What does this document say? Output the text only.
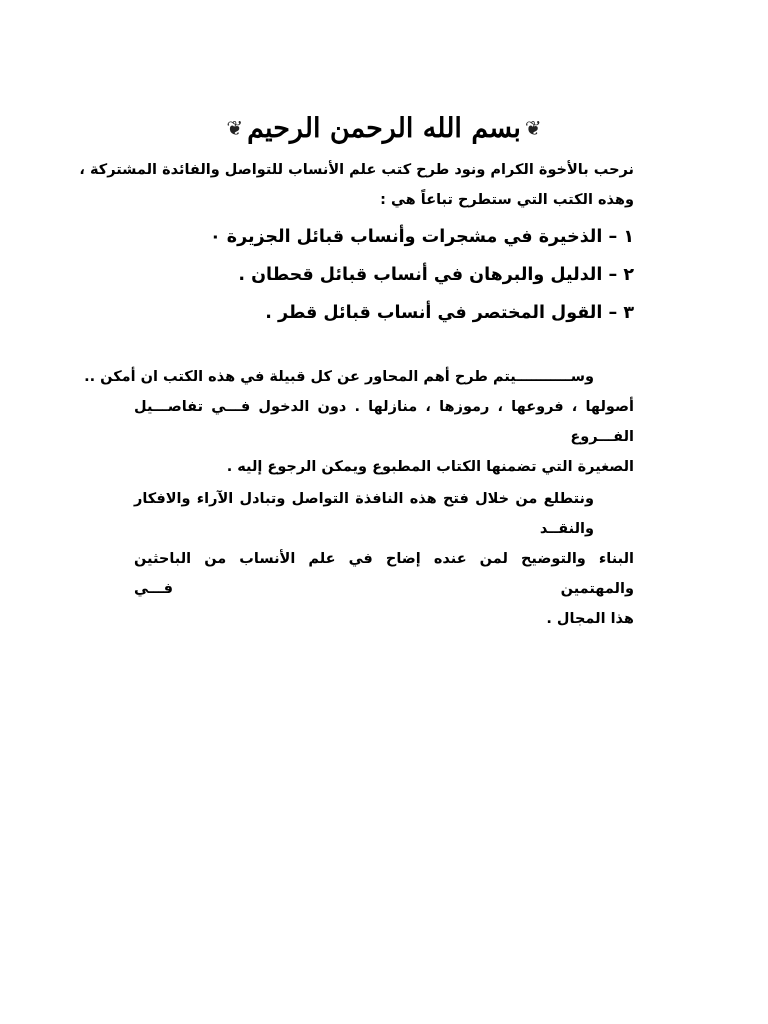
❦ بسم الله الرحمن الرحيم ❦
نرحب بالأخوة الكرام ونود طرح كتب علم الأنساب للتواصل والفائدة المشتركة ،
وهذه الكتب التي ستطرح تباعاً هي :
١ – الذخيرة في مشجرات وأنساب قبائل الجزيرة ٠
٢ – الدليل والبرهان في أنساب قبائل قحطان .
٣ – القول المختصر في أنساب قبائل قطر .
وســـــــــــيتم طرح أهم المحاور عن كل قبيلة في هذه الكتب ان أمكن ..
أصولها ، فروعها ، رموزها ، منازلها . دون الدخول فـــي تفاصـــيل الفـــروع
الصغيرة التي تضمنها الكتاب المطبوع ويمكن الرجوع إليه .
ونتطلع من خلال فتح هذه النافذة التواصل وتبادل الآراء والافكار والنقــد
البناء والتوضيح لمن عنده إضاح في علم الأنساب من الباحثين والمهتمين فـــي
هذا المجال .
